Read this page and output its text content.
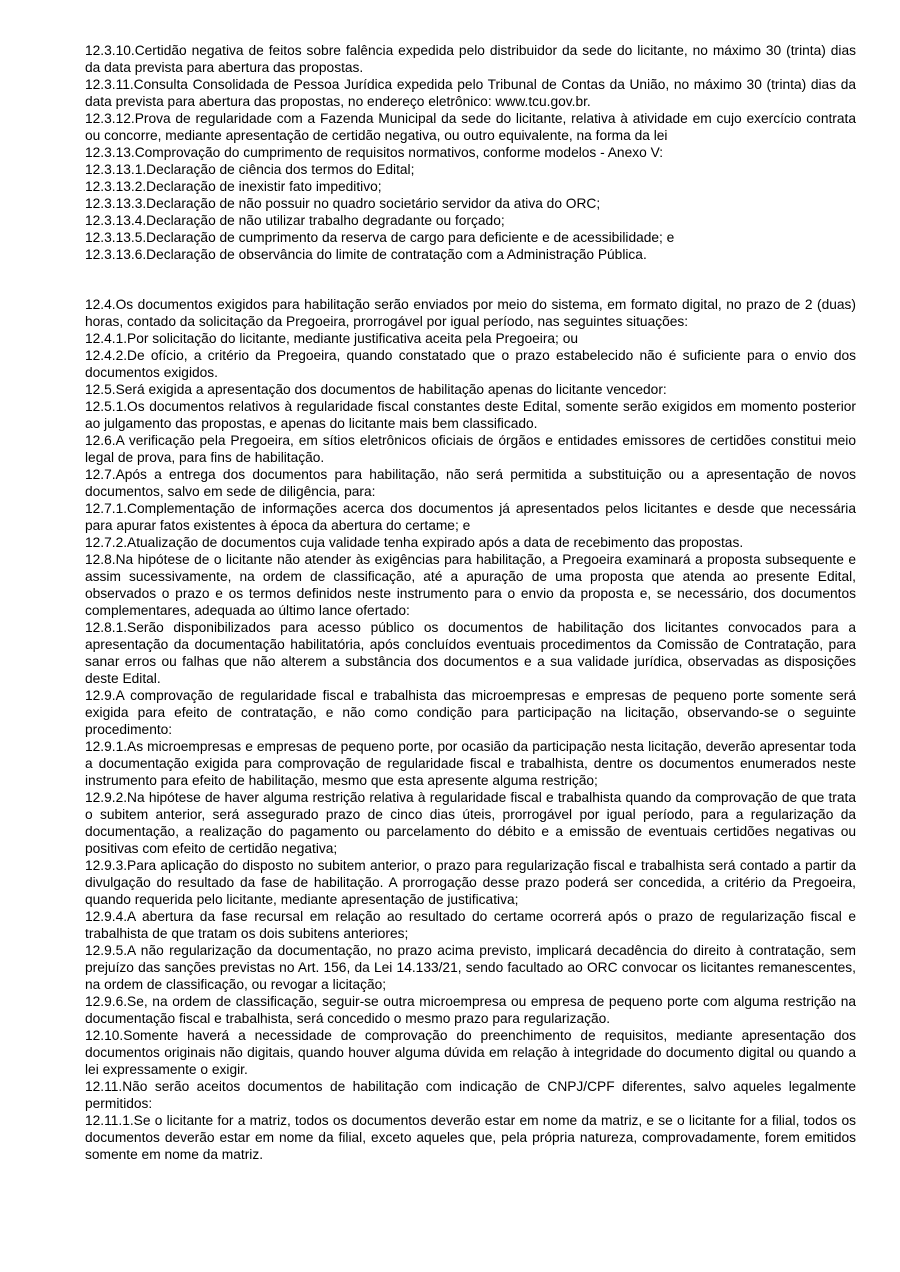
12.3.10.Certidão negativa de feitos sobre falência expedida pelo distribuidor da sede do licitante, no máximo 30 (trinta) dias da data prevista para abertura das propostas.

12.3.11.Consulta Consolidada de Pessoa Jurídica expedida pelo Tribunal de Contas da União, no máximo 30 (trinta) dias da data prevista para abertura das propostas, no endereço eletrônico: www.tcu.gov.br.

12.3.12.Prova de regularidade com a Fazenda Municipal da sede do licitante, relativa à atividade em cujo exercício contrata ou concorre, mediante apresentação de certidão negativa, ou outro equivalente, na forma da lei

12.3.13.Comprovação do cumprimento de requisitos normativos, conforme modelos - Anexo V:

12.3.13.1.Declaração de ciência dos termos do Edital;

12.3.13.2.Declaração de inexistir fato impeditivo;

12.3.13.3.Declaração de não possuir no quadro societário servidor da ativa do ORC;

12.3.13.4.Declaração de não utilizar trabalho degradante ou forçado;

12.3.13.5.Declaração de cumprimento da reserva de cargo para deficiente e de acessibilidade; e

12.3.13.6.Declaração de observância do limite de contratação com a Administração Pública.

12.4.Os documentos exigidos para habilitação serão enviados por meio do sistema, em formato digital, no prazo de 2 (duas) horas, contado da solicitação da Pregoeira, prorrogável por igual período, nas seguintes situações:

12.4.1.Por solicitação do licitante, mediante justificativa aceita pela Pregoeira; ou

12.4.2.De ofício, a critério da Pregoeira, quando constatado que o prazo estabelecido não é suficiente para o envio dos documentos exigidos.

12.5.Será exigida a apresentação dos documentos de habilitação apenas do licitante vencedor:

12.5.1.Os documentos relativos à regularidade fiscal constantes deste Edital, somente serão exigidos em momento posterior ao julgamento das propostas, e apenas do licitante mais bem classificado.

12.6.A verificação pela Pregoeira, em sítios eletrônicos oficiais de órgãos e entidades emissores de certidões constitui meio legal de prova, para fins de habilitação.

12.7.Após a entrega dos documentos para habilitação, não será permitida a substituição ou a apresentação de novos documentos, salvo em sede de diligência, para:

12.7.1.Complementação de informações acerca dos documentos já apresentados pelos licitantes e desde que necessária para apurar fatos existentes à época da abertura do certame; e

12.7.2.Atualização de documentos cuja validade tenha expirado após a data de recebimento das propostas.

12.8.Na hipótese de o licitante não atender às exigências para habilitação, a Pregoeira examinará a proposta subsequente e assim sucessivamente, na ordem de classificação, até a apuração de uma proposta que atenda ao presente Edital, observados o prazo e os termos definidos neste instrumento para o envio da proposta e, se necessário, dos documentos complementares, adequada ao último lance ofertado:

12.8.1.Serão disponibilizados para acesso público os documentos de habilitação dos licitantes convocados para a apresentação da documentação habilitatória, após concluídos eventuais procedimentos da Comissão de Contratação, para sanar erros ou falhas que não alterem a substância dos documentos e a sua validade jurídica, observadas as disposições deste Edital.

12.9.A comprovação de regularidade fiscal e trabalhista das microempresas e empresas de pequeno porte somente será exigida para efeito de contratação, e não como condição para participação na licitação, observando-se o seguinte procedimento:

12.9.1.As microempresas e empresas de pequeno porte, por ocasião da participação nesta licitação, deverão apresentar toda a documentação exigida para comprovação de regularidade fiscal e trabalhista, dentre os documentos enumerados neste instrumento para efeito de habilitação, mesmo que esta apresente alguma restrição;

12.9.2.Na hipótese de haver alguma restrição relativa à regularidade fiscal e trabalhista quando da comprovação de que trata o subitem anterior, será assegurado prazo de cinco dias úteis, prorrogável por igual período, para a regularização da documentação, a realização do pagamento ou parcelamento do débito e a emissão de eventuais certidões negativas ou positivas com efeito de certidão negativa;

12.9.3.Para aplicação do disposto no subitem anterior, o prazo para regularização fiscal e trabalhista será contado a partir da divulgação do resultado da fase de habilitação. A prorrogação desse prazo poderá ser concedida, a critério da Pregoeira, quando requerida pelo licitante, mediante apresentação de justificativa;

12.9.4.A abertura da fase recursal em relação ao resultado do certame ocorrerá após o prazo de regularização fiscal e trabalhista de que tratam os dois subitens anteriores;

12.9.5.A não regularização da documentação, no prazo acima previsto, implicará decadência do direito à contratação, sem prejuízo das sanções previstas no Art. 156, da Lei 14.133/21, sendo facultado ao ORC convocar os licitantes remanescentes, na ordem de classificação, ou revogar a licitação;

12.9.6.Se, na ordem de classificação, seguir-se outra microempresa ou empresa de pequeno porte com alguma restrição na documentação fiscal e trabalhista, será concedido o mesmo prazo para regularização.

12.10.Somente haverá a necessidade de comprovação do preenchimento de requisitos, mediante apresentação dos documentos originais não digitais, quando houver alguma dúvida em relação à integridade do documento digital ou quando a lei expressamente o exigir.

12.11.Não serão aceitos documentos de habilitação com indicação de CNPJ/CPF diferentes, salvo aqueles legalmente permitidos:

12.11.1.Se o licitante for a matriz, todos os documentos deverão estar em nome da matriz, e se o licitante for a filial, todos os documentos deverão estar em nome da filial, exceto aqueles que, pela própria natureza, comprovadamente, forem emitidos somente em nome da matriz.
